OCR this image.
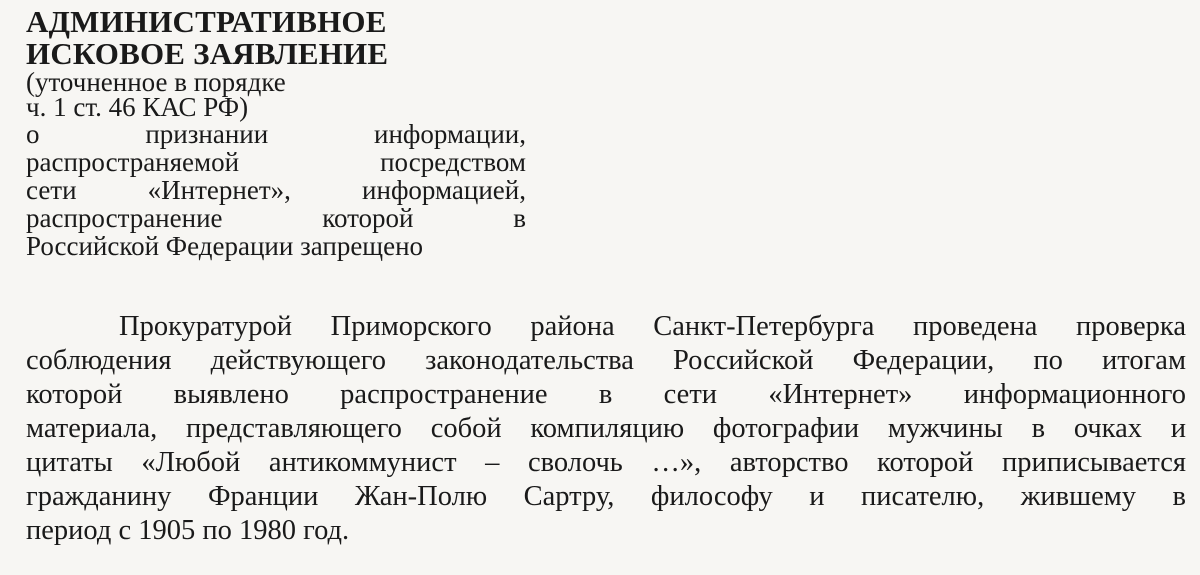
АДМИНИСТРАТИВНОЕ
ИСКОВОЕ ЗАЯВЛЕНИЕ
(уточненное в порядке
ч. 1 ст. 46 КАС РФ)
о признании информации,
распространяемой посредством
сети «Интернет», информацией,
распространение которой в
Российской Федерации запрещено
Прокуратурой Приморского района Санкт-Петербурга проведена проверка
соблюдения действующего законодательства Российской Федерации, по итогам
которой выявлено распространение в сети «Интернет» информационного
материала, представляющего собой компиляцию фотографии мужчины в очках и
цитаты «Любой антикоммунист – сволочь …», авторство которой приписывается
гражданину Франции Жан-Полю Сартру, философу и писателю, жившему в
период с 1905 по 1980 год.
